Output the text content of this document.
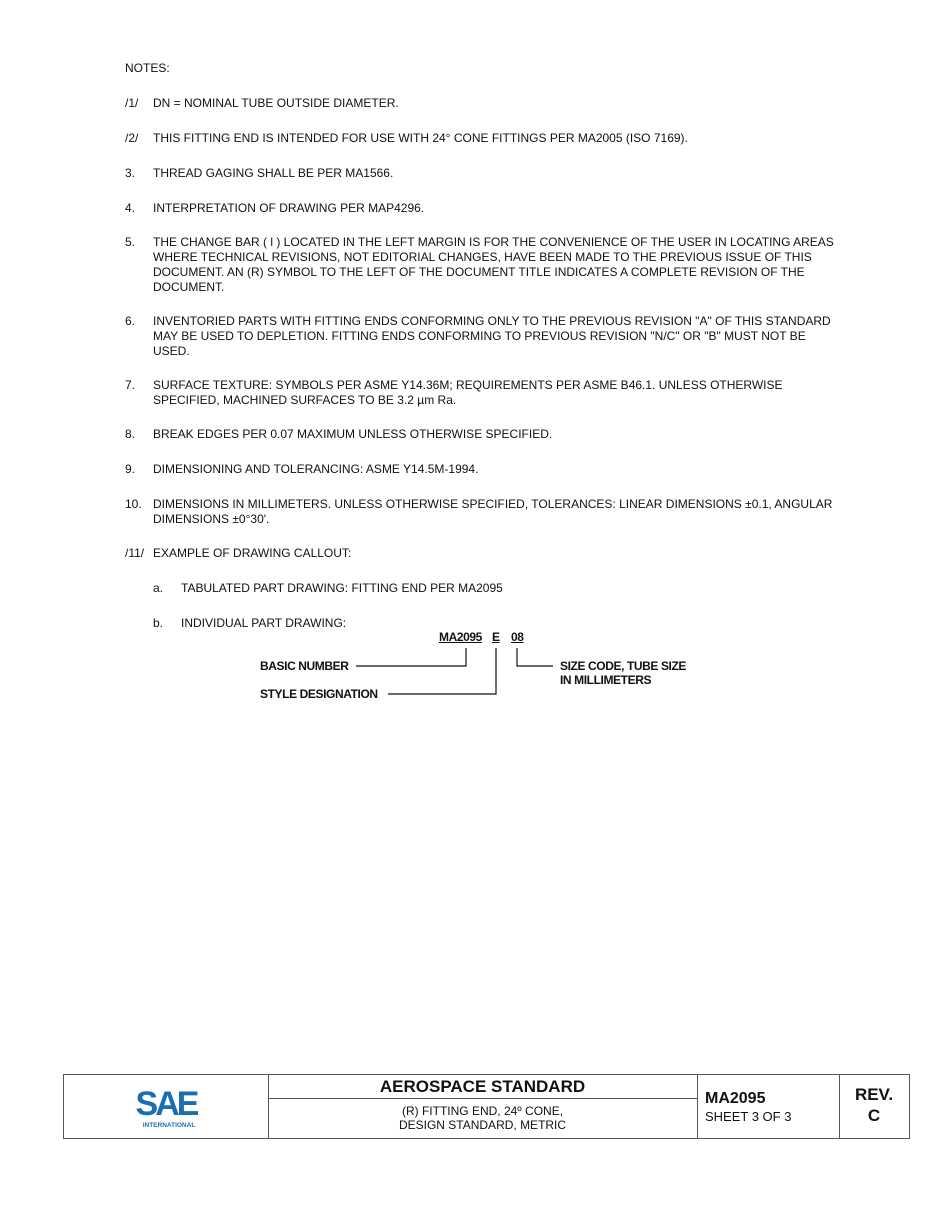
NOTES:
/1/	DN = NOMINAL TUBE OUTSIDE DIAMETER.
/2/	THIS FITTING END IS INTENDED FOR USE WITH 24° CONE FITTINGS PER MA2005 (ISO 7169).
3.	THREAD GAGING SHALL BE PER MA1566.
4.	INTERPRETATION OF DRAWING PER MAP4296.
5.	THE CHANGE BAR ( l ) LOCATED IN THE LEFT MARGIN IS FOR THE CONVENIENCE OF THE USER IN LOCATING AREAS WHERE TECHNICAL REVISIONS, NOT EDITORIAL CHANGES, HAVE BEEN MADE TO THE PREVIOUS ISSUE OF THIS DOCUMENT. AN (R) SYMBOL TO THE LEFT OF THE DOCUMENT TITLE INDICATES A COMPLETE REVISION OF THE DOCUMENT.
6.	INVENTORIED PARTS WITH FITTING ENDS CONFORMING ONLY TO THE PREVIOUS REVISION "A" OF THIS STANDARD MAY BE USED TO DEPLETION. FITTING ENDS CONFORMING TO PREVIOUS REVISION "N/C" OR "B" MUST NOT BE USED.
7.	SURFACE TEXTURE: SYMBOLS PER ASME Y14.36M; REQUIREMENTS PER ASME B46.1. UNLESS OTHERWISE SPECIFIED, MACHINED SURFACES TO BE 3.2 µm Ra.
8.	BREAK EDGES PER 0.07 MAXIMUM UNLESS OTHERWISE SPECIFIED.
9.	DIMENSIONING AND TOLERANCING: ASME Y14.5M-1994.
10. DIMENSIONS IN MILLIMETERS. UNLESS OTHERWISE SPECIFIED, TOLERANCES: LINEAR DIMENSIONS ±0.1, ANGULAR DIMENSIONS ±0°30'.
/11/ EXAMPLE OF DRAWING CALLOUT:
a. TABULATED PART DRAWING: FITTING END PER MA2095
b. INDIVIDUAL PART DRAWING:
MA2095 E 08
BASIC NUMBER
STYLE DESIGNATION
SIZE CODE, TUBE SIZE
IN MILLIMETERS
SAE
INTERNATIONAL
AEROSPACE STANDARD
(R) FITTING END, 24º CONE,
DESIGN STANDARD, METRIC
MA2095
SHEET 3 OF 3
REV.
C
